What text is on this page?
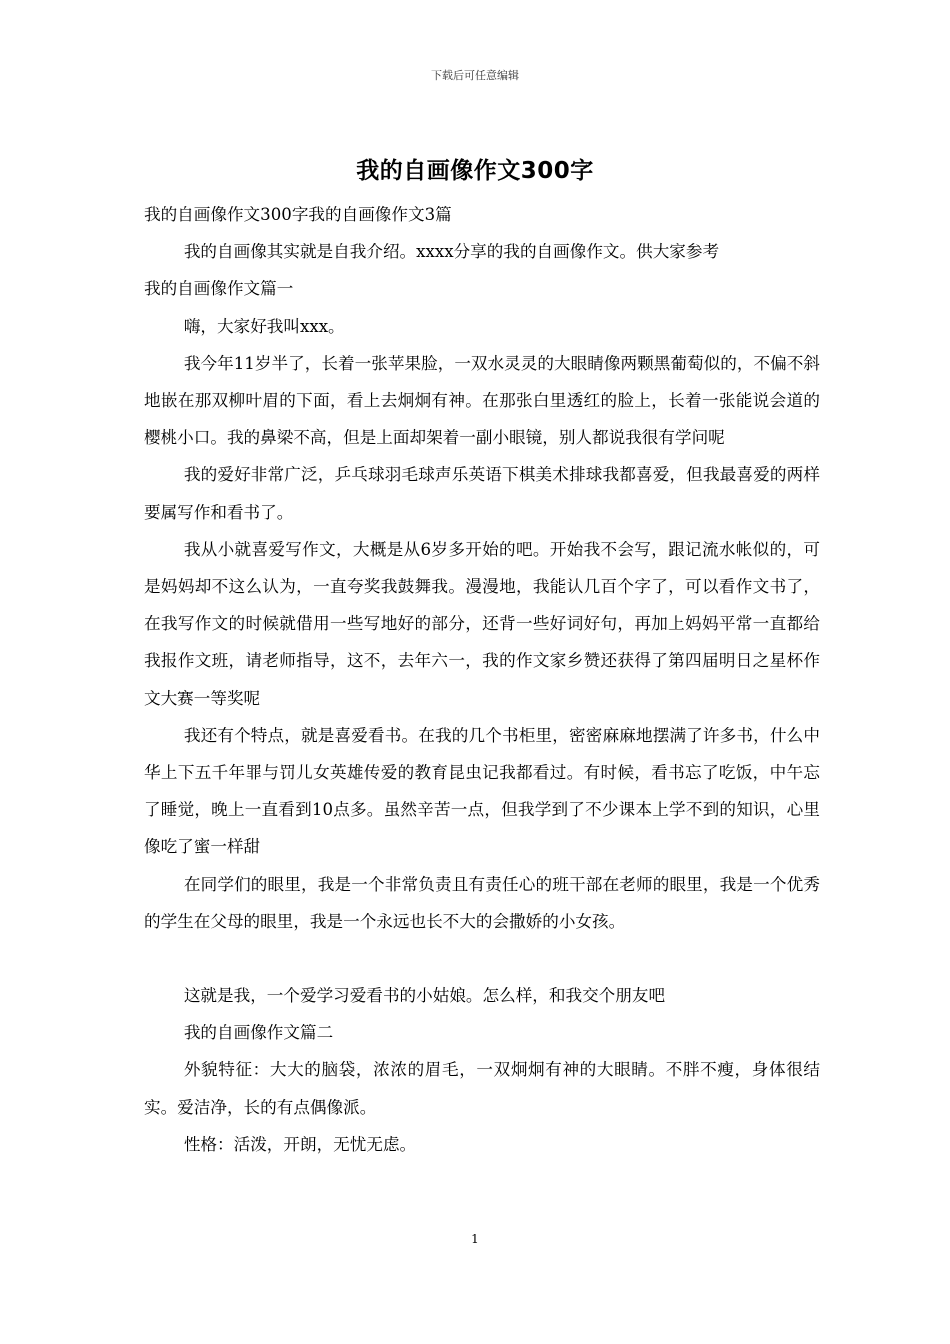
下载后可任意编辑
我的自画像作文300字

我的自画像作文300字我的自画像作文3篇

我的自画像其实就是自我介绍。xxxx分享的我的自画像作文。供大家参考

我的自画像作文篇一

嗨，大家好我叫xxx。

我今年11岁半了，长着一张苹果脸，一双水灵灵的大眼睛像两颗黑葡萄似的，不偏不斜地嵌在那双柳叶眉的下面，看上去炯炯有神。在那张白里透红的脸上，长着一张能说会道的樱桃小口。我的鼻梁不高，但是上面却架着一副小眼镜，别人都说我很有学问呢

我的爱好非常广泛，乒乓球羽毛球声乐英语下棋美术排球我都喜爱，但我最喜爱的两样要属写作和看书了。

我从小就喜爱写作文，大概是从6岁多开始的吧。开始我不会写，跟记流水帐似的，可是妈妈却不这么认为，一直夸奖我鼓舞我。漫漫地，我能认几百个字了，可以看作文书了，在我写作文的时候就借用一些写地好的部分，还背一些好词好句，再加上妈妈平常一直都给我报作文班，请老师指导，这不，去年六一，我的作文家乡赞还获得了第四届明日之星杯作文大赛一等奖呢

我还有个特点，就是喜爱看书。在我的几个书柜里，密密麻麻地摆满了许多书，什么中华上下五千年罪与罚儿女英雄传爱的教育昆虫记我都看过。有时候，看书忘了吃饭，中午忘了睡觉，晚上一直看到10点多。虽然辛苦一点，但我学到了不少课本上学不到的知识，心里像吃了蜜一样甜

在同学们的眼里，我是一个非常负责且有责任心的班干部在老师的眼里，我是一个优秀的学生在父母的眼里，我是一个永远也长不大的会撒娇的小女孩。

这就是我，一个爱学习爱看书的小姑娘。怎么样，和我交个朋友吧

我的自画像作文篇二

外貌特征：大大的脑袋，浓浓的眉毛，一双炯炯有神的大眼睛。不胖不瘦，身体很结实。爱洁净，长的有点偶像派。

性格：活泼，开朗，无忧无虑。

1
